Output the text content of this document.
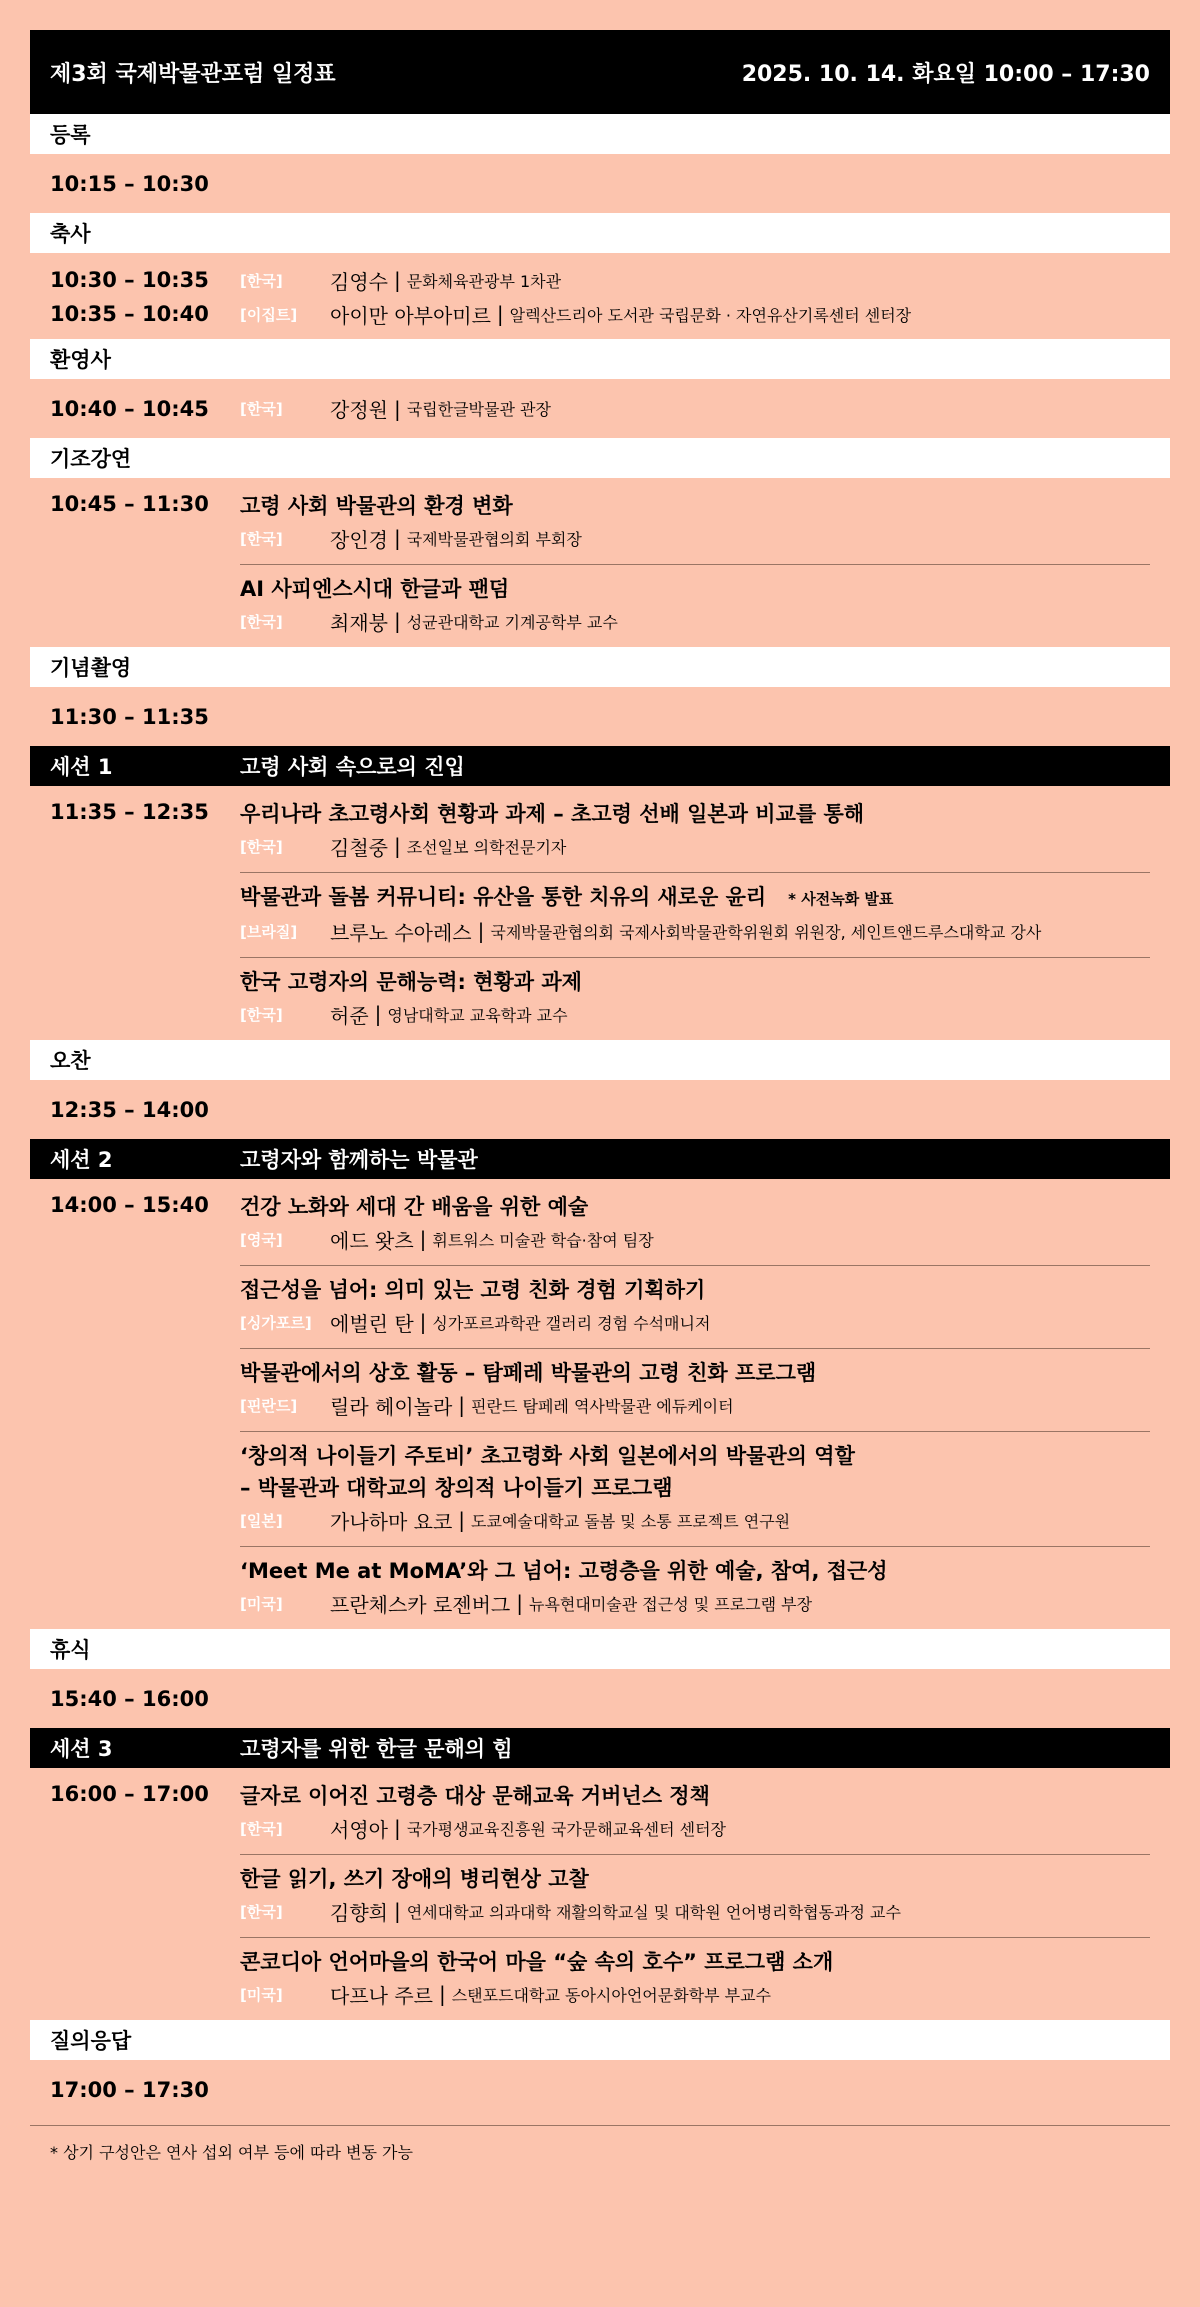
제3회 국제박물관포럼 일정표	2025. 10. 14. 화요일 10:00 – 17:30
등록
10:15 – 10:30
축사
10:30 – 10:35	[한국]	김영수 | 문화체육관광부 1차관
10:35 – 10:40	[이집트]	아이만 아부아미르 | 알렉산드리아 도서관 국립문화 · 자연유산기록센터 센터장
환영사
10:40 – 10:45	[한국]	강정원 | 국립한글박물관 관장
기조강연
10:45 – 11:30	고령 사회 박물관의 환경 변화
[한국]	장인경 | 국제박물관협의회 부회장
AI 사피엔스시대 한글과 팬덤
[한국]	최재붕 | 성균관대학교 기계공학부 교수
기념촬영
11:30 – 11:35
세션 1	고령 사회 속으로의 진입
11:35 – 12:35	우리나라 초고령사회 현황과 과제 – 초고령 선배 일본과 비교를 통해
[한국]	김철중 | 조선일보 의학전문기자
박물관과 돌봄 커뮤니티: 유산을 통한 치유의 새로운 윤리 * 사전녹화 발표
[브라질]	브루노 수아레스 | 국제박물관협의회 국제사회박물관학위원회 위원장, 세인트앤드루스대학교 강사
한국 고령자의 문해능력: 현황과 과제
[한국]	허준 | 영남대학교 교육학과 교수
오찬
12:35 – 14:00
세션 2	고령자와 함께하는 박물관
14:00 – 15:40	건강 노화와 세대 간 배움을 위한 예술
[영국]	에드 왓츠 | 휘트워스 미술관 학습·참여 팀장
접근성을 넘어: 의미 있는 고령 친화 경험 기획하기
[싱가포르] 에벌린 탄 | 싱가포르과학관 갤러리 경험 수석매니저
박물관에서의 상호 활동 – 탐페레 박물관의 고령 친화 프로그램
[핀란드]	릴라 헤이놀라 | 핀란드 탐페레 역사박물관 에듀케이터
‘창의적 나이들기 주토비’ 초고령화 사회 일본에서의 박물관의 역할
– 박물관과 대학교의 창의적 나이들기 프로그램
[일본]	가나하마 요코 | 도쿄예술대학교 돌봄 및 소통 프로젝트 연구원
‘Meet Me at MoMA’와 그 넘어: 고령층을 위한 예술, 참여, 접근성
[미국]	프란체스카 로젠버그 | 뉴욕현대미술관 접근성 및 프로그램 부장
휴식
15:40 – 16:00
세션 3	고령자를 위한 한글 문해의 힘
16:00 – 17:00	글자로 이어진 고령층 대상 문해교육 거버넌스 정책
[한국]	서영아 | 국가평생교육진흥원 국가문해교육센터 센터장
한글 읽기, 쓰기 장애의 병리현상 고찰
[한국]	김향희 | 연세대학교 의과대학 재활의학교실 및 대학원 언어병리학협동과정 교수
콘코디아 언어마을의 한국어 마을 “숲 속의 호수” 프로그램 소개
[미국]	다프나 주르 | 스탠포드대학교 동아시아언어문화학부 부교수
질의응답
17:00 – 17:30
* 상기 구성안은 연사 섭외 여부 등에 따라 변동 가능
